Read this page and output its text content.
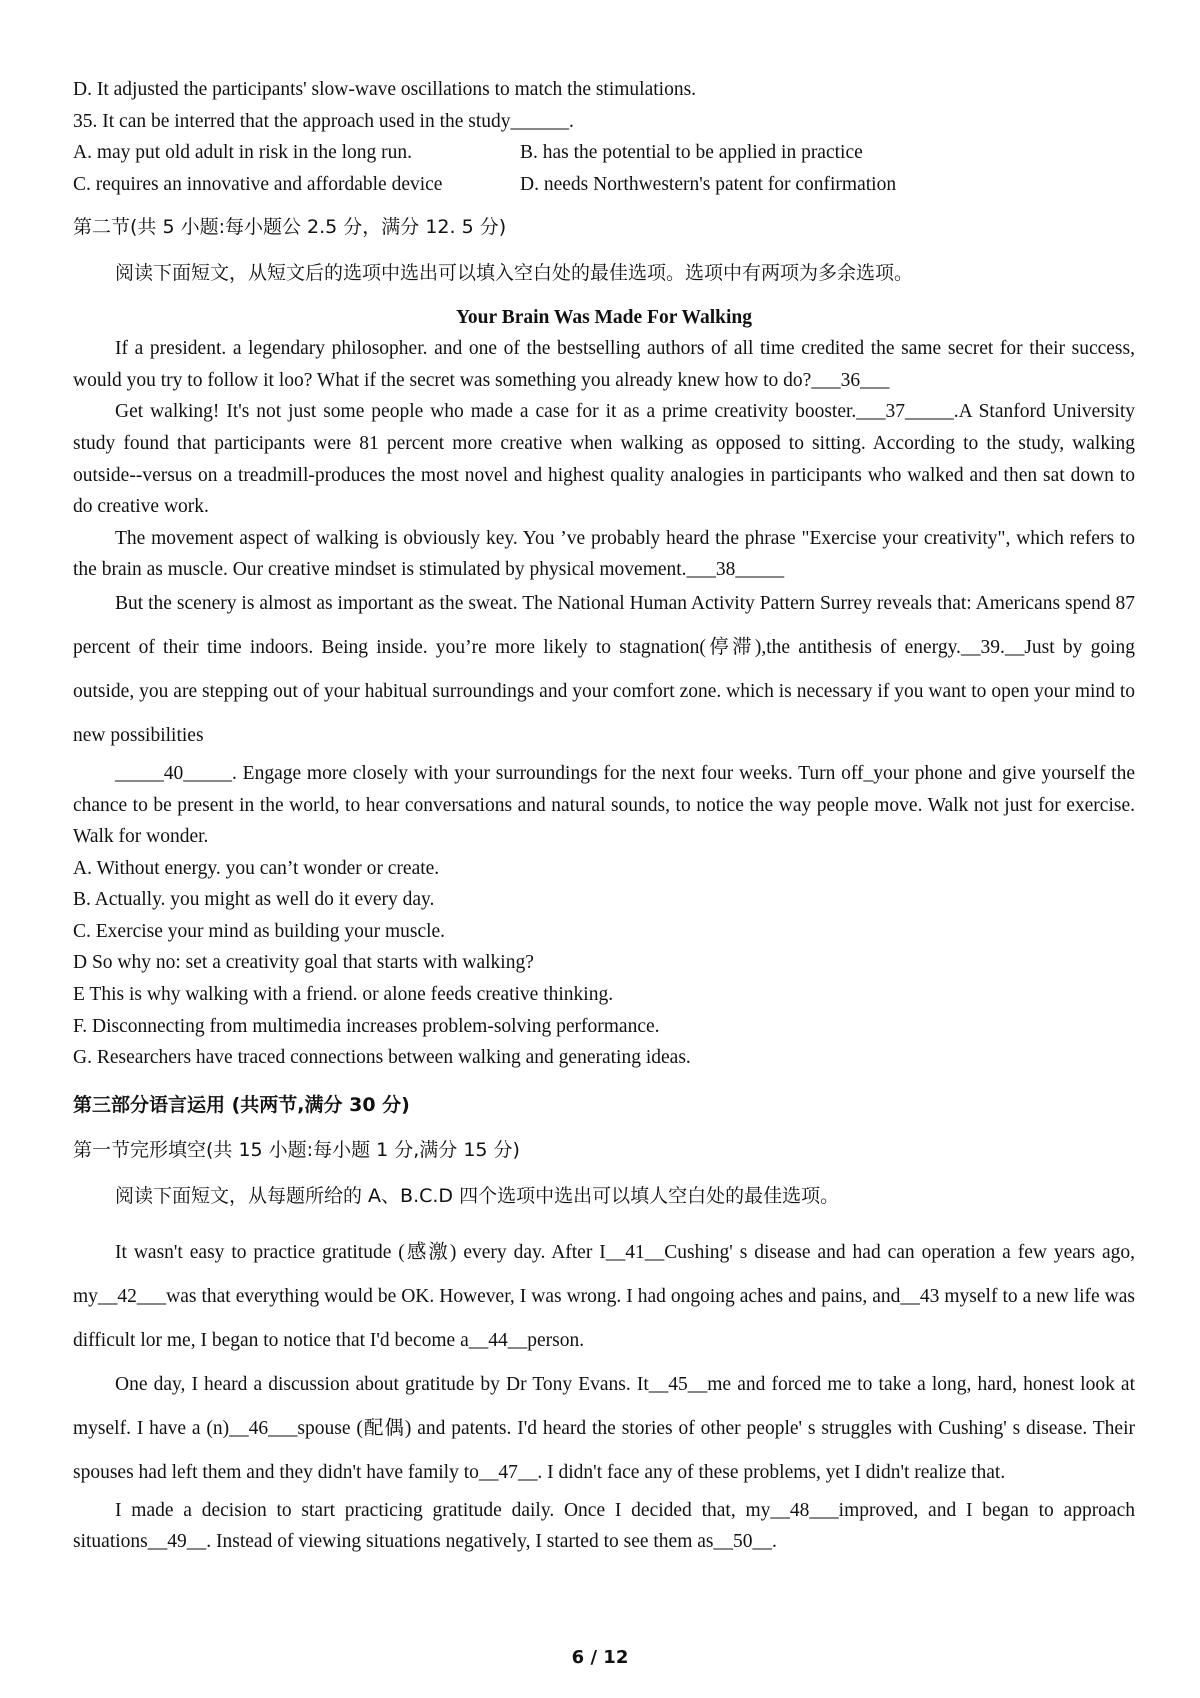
D. It adjusted the participants' slow-wave oscillations to match the stimulations.
35. It can be interred that the approach used in the study______.
A. may put old adult in risk in the long run.	B. has the potential to be applied in practice
C. requires an innovative and affordable device	D. needs Northwestern's patent for confirmation
第二节(共 5 小题:每小题公 2.5 分，满分 12. 5 分)
阅读下面短文，从短文后的选项中选出可以填入空白处的最佳选项。选项中有两项为多余选项。
Your Brain Was Made For Walking
If a president. a legendary philosopher. and one of the bestselling authors of all time credited the same secret for their success, would you try to follow it loo? What if the secret was something you already knew how to do?___36___
Get walking! It's not just some people who made a case for it as a prime creativity booster.___37_____.A Stanford University study found that participants were 81 percent more creative when walking as opposed to sitting. According to the study, walking outside--versus on a treadmill-produces the most novel and highest quality analogies in participants who walked and then sat down to do creative work.
The movement aspect of walking is obviously key. You ’ve probably heard the phrase "Exercise your creativity", which refers to the brain as muscle. Our creative mindset is stimulated by physical movement.___38_____
But the scenery is almost as important as the sweat. The National Human Activity Pattern Surrey reveals that: Americans spend 87 percent of their time indoors. Being inside. you’re more likely to stagnation(停滞),the antithesis of energy.__39.__Just by going outside, you are stepping out of your habitual surroundings and your comfort zone. which is necessary if you want to open your mind to new possibilities
_____40_____. Engage more closely with your surroundings for the next four weeks. Turn off_your phone and give yourself the chance to be present in the world, to hear conversations and natural sounds, to notice the way people move. Walk not just for exercise. Walk for wonder.
A. Without energy. you can’t wonder or create.
B. Actually. you might as well do it every day.
C. Exercise your mind as building your muscle.
D So why no: set a creativity goal that starts with walking?
E This is why walking with a friend. or alone feeds creative thinking.
F. Disconnecting from multimedia increases problem-solving performance.
G. Researchers have traced connections between walking and generating ideas.
第三部分语言运用 (共两节,满分 30 分)
第一节完形填空(共 15 小题:每小题 1 分,满分 15 分)
阅读下面短文，从每题所给的 A、B.C.D 四个选项中选出可以填人空白处的最佳选项。
It wasn't easy to practice gratitude (感激) every day. After I__41__Cushing' s disease and had can operation a few years ago, my__42___was that everything would be OK. However, I was wrong. I had ongoing aches and pains, and__43 myself to a new life was difficult lor me, I began to notice that I'd become a__44__person.
One day, I heard a discussion about gratitude by Dr Tony Evans. It__45__me and forced me to take a long, hard, honest look at myself. I have a (n)__46___spouse (配偶) and patents. I'd heard the stories of other people' s struggles with Cushing' s disease. Their spouses had left them and they didn't have family to__47__. I didn't face any of these problems, yet I didn't realize that.
I made a decision to start practicing gratitude daily. Once I decided that, my__48___improved, and I began to approach situations__49__. Instead of viewing situations negatively, I started to see them as__50__.
6 / 12
